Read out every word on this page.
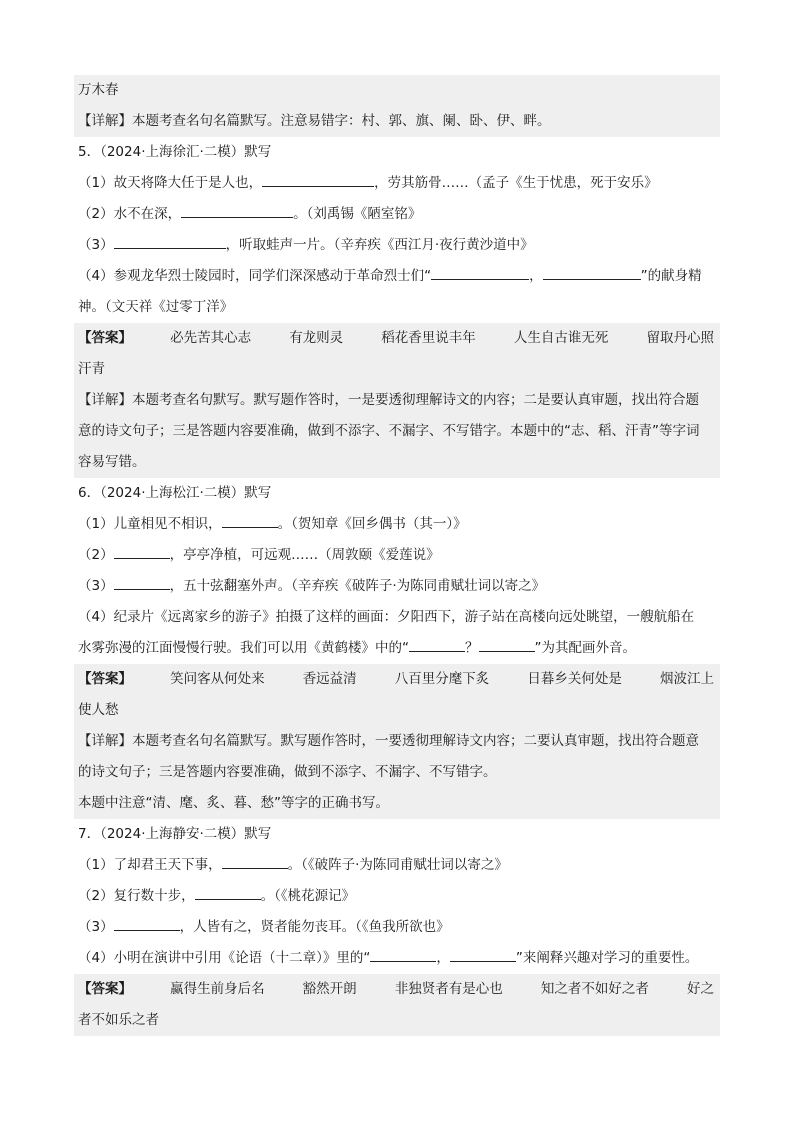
万木春
【详解】本题考查名句名篇默写。注意易错字：村、郭、旗、阑、卧、伊、畔。
5．（2024·上海徐汇·二模）默写
（1）故天将降大任于是人也，	，劳其筋骨……（孟子《生于忧患，死于安乐》
（2）水不在深，	。（刘禹锡《陋室铭》
（3）	，听取蛙声一片。（辛弃疾《西江月·夜行黄沙道中》
（4）参观龙华烈士陵园时，同学们深深感动于革命烈士们“	，	”的献身精
神。（文天祥《过零丁洋》
【答案】	必先苦其心志	有龙则灵	稻花香里说丰年	人生自古谁无死	留取丹心照
汗青
【详解】本题考查名句默写。默写题作答时，一是要透彻理解诗文的内容；二是要认真审题，找出符合题
意的诗文句子；三是答题内容要准确，做到不添字、不漏字、不写错字。本题中的“志、稻、汗青”等字词
容易写错。
6．（2024·上海松江·二模）默写
（1）儿童相见不相识，	。（贺知章《回乡偶书（其一）》
（2）	，亭亭净植，可远观……（周敦颐《爱莲说》
（3）	，五十弦翻塞外声。（辛弃疾《破阵子·为陈同甫赋壮词以寄之》
（4）纪录片《远离家乡的游子》拍摄了这样的画面：夕阳西下，游子站在高楼向远处眺望，一艘航船在
水雾弥漫的江面慢慢行驶。我们可以用《黄鹤楼》中的“	？	”为其配画外音。
【答案】	笑问客从何处来	香远益清	八百里分麾下炙	日暮乡关何处是	烟波江上
使人愁
【详解】本题考查名句名篇默写。默写题作答时，一要透彻理解诗文内容；二要认真审题，找出符合题意
的诗文句子；三是答题内容要准确，做到不添字、不漏字、不写错字。
本题中注意“清、麾、炙、暮、愁”等字的正确书写。
7．（2024·上海静安·二模）默写
（1）了却君王天下事，	。（《破阵子·为陈同甫赋壮词以寄之》
（2）复行数十步，	。（《桃花源记》
（3）	，人皆有之，贤者能勿丧耳。（《鱼我所欲也》
（4）小明在演讲中引用《论语（十二章）》里的“	，	”来阐释兴趣对学习的重要性。
【答案】	赢得生前身后名	豁然开朗	非独贤者有是心也	知之者不如好之者	好之
者不如乐之者
